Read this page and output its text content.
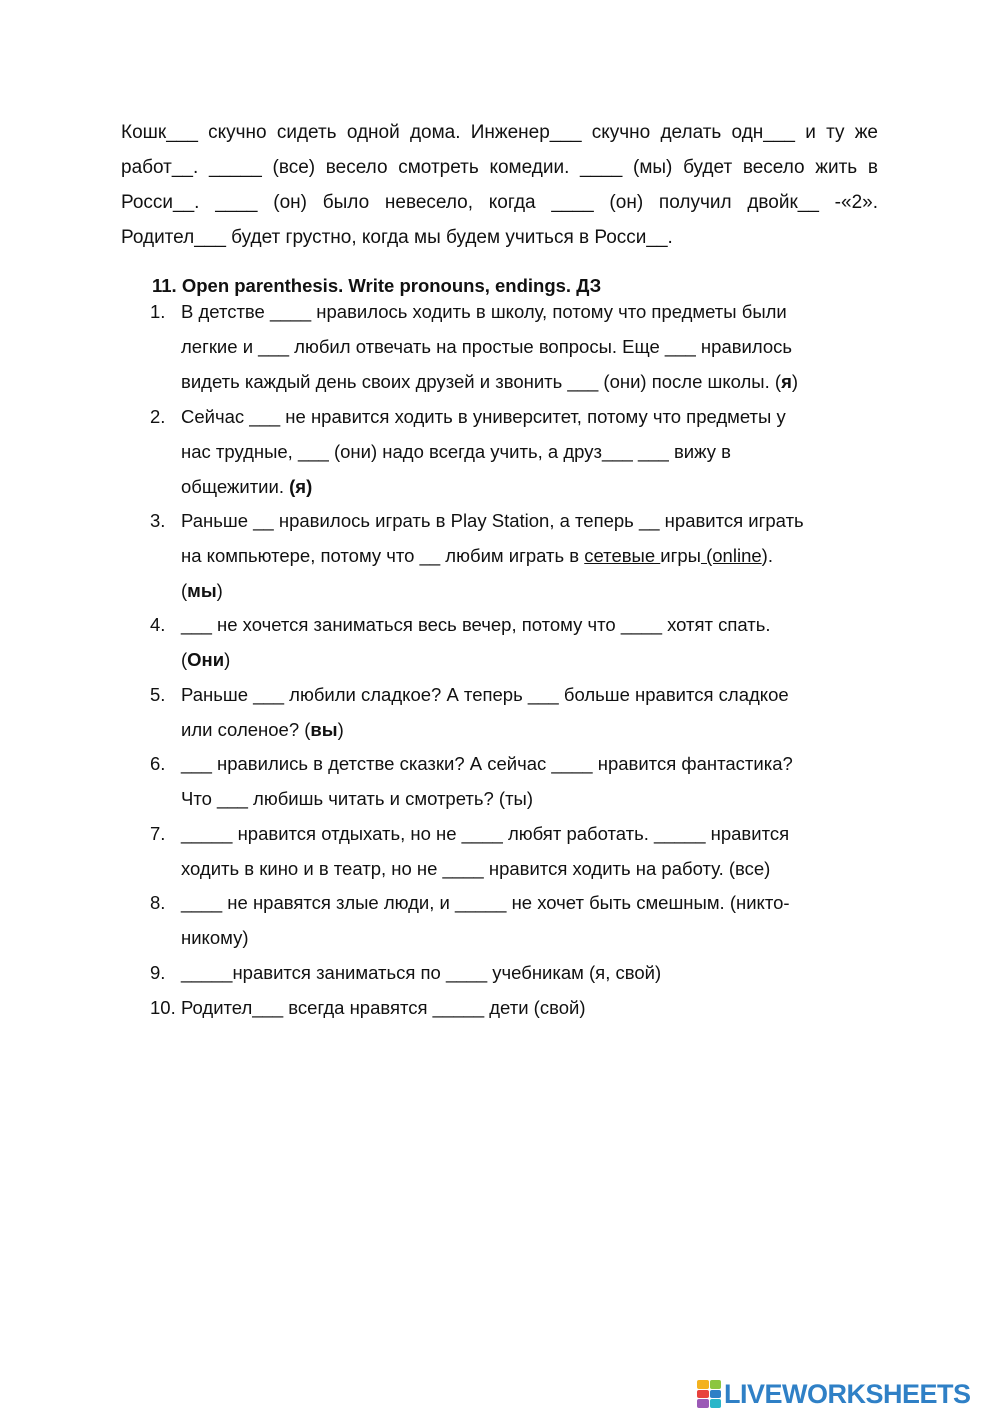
Кошк___ скучно сидеть одной дома. Инженер___ скучно делать одн___ и ту же
работ__. _____ (все) весело смотреть комедии. ____ (мы) будет весело жить в
Росси__. ____ (он) было невесело, когда ____ (он) получил двойк__ -«2».
Родител___ будет грустно, когда мы будем учиться в Росси__.
11. Open parenthesis. Write pronouns, endings. ДЗ
1. В детстве ____ нравилось ходить в школу, потому что предметы были
легкие и ___ любил отвечать на простые вопросы. Еще ___ нравилось
видеть каждый день своих друзей и звонить ___ (они) после школы. (я)
2. Сейчас ___ не нравится ходить в университет, потому что предметы у
нас трудные, ___ (они) надо всегда учить, а друз___ ___ вижу в
общежитии. (я)
3. Раньше __ нравилось играть в Play Station, а теперь __ нравится играть
на компьютере, потому что __ любим играть в сетевые игры (online).
(мы)
4. ___ не хочется заниматься весь вечер, потому что ____ хотят спать.
(Они)
5. Раньше ___ любили сладкое? А теперь ___ больше нравится сладкое
или соленое? (вы)
6. ___ нравились в детстве сказки? А сейчас ____ нравится фантастика?
Что ___ любишь читать и смотреть? (ты)
7. _____ нравится отдыхать, но не ____ любят работать. _____ нравится
ходить в кино и в театр, но не ____ нравится ходить на работу. (все)
8. ____ не нравятся злые люди, и _____ не хочет быть смешным. (никто-
никому)
9. _____нравится заниматься по ____ учебникам (я, свой)
10. Родител___ всегда нравятся _____ дети (свой)
LIVEWORKSHEETS
